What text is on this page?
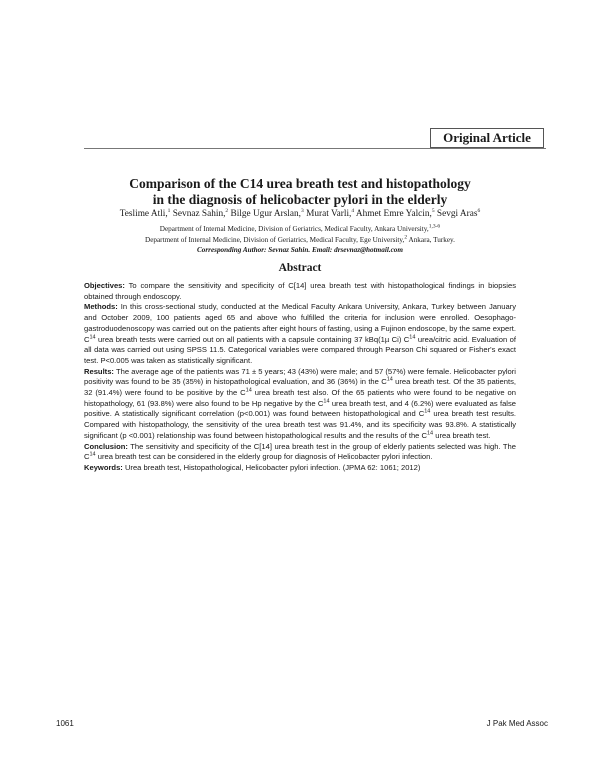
Original Article
Comparison of the C14 urea breath test and histopathology
in the diagnosis of helicobacter pylori in the elderly
Teslime Atli,$^1$ Sevnaz Sahin,$^2$ Bilge Ugur Arslan,$^3$ Murat Varli,$^4$ Ahmet Emre Yalcin,$^5$ Sevgi Aras$^6$
Department of Internal Medicine, Division of Geriatrics, Medical Faculty, Ankara University,$^{1,3-6}$
Department of Internal Medicine, Division of Geriatrics, Medical Faculty, Ege University,$^2$ Ankara, Turkey.
Corresponding Author: Sevnaz Sahin. Email: drsevnaz@hotmail.com
Abstract

Objectives: To compare the sensitivity and specificity of C[14] urea breath test with histopathological findings in biopsies obtained through endoscopy.

Methods: In this cross-sectional study, conducted at the Medical Faculty Ankara University, Ankara, Turkey between January and October 2009, 100 patients aged 65 and above who fulfilled the criteria for inclusion were enrolled. Oesophago-gastroduodenoscopy was carried out on the patients after eight hours of fasting, using a Fujinon endoscope, by the same expert. $C^{14}$ urea breath tests were carried out on all patients with a capsule containing 37 kBq(1µ Ci) $C^{14}$ urea/citric acid. Evaluation of all data was carried out using SPSS 11.5. Categorical variables were compared through Pearson Chi squared or Fisher's exact test. P<0.005 was taken as statistically significant.

Results: The average age of the patients was 71 ± 5 years; 43 (43%) were male; and 57 (57%) were female. Helicobacter pylori positivity was found to be 35 (35%) in histopathological evaluation, and 36 (36%) in the $C^{14}$ urea breath test. Of the 35 patients, 32 (91.4%) were found to be positive by the $C^{14}$ urea breath test also. Of the 65 patients who were found to be negative on histopathology, 61 (93.8%) were also found to be Hp negative by the $C^{14}$ urea breath test, and 4 (6.2%) were evaluated as false positive. A statistically significant correlation (p<0.001) was found between histopathological and $C^{14}$ urea breath test results. Compared with histopathology, the sensitivity of the urea breath test was 91.4%, and its specificity was 93.8%. A statistically significant (p <0.001) relationship was found between histopathological results and the results of the $C^{14}$ urea breath test.

Conclusion: The sensitivity and specificity of the C[14] urea breath test in the group of elderly patients selected was high. The $C^{14}$ urea breath test can be considered in the elderly group for diagnosis of Helicobacter pylori infection.

Keywords: Urea breath test, Histopathological, Helicobacter pylori infection. (JPMA 62: 1061; 2012)

1061	J Pak Med Assoc
